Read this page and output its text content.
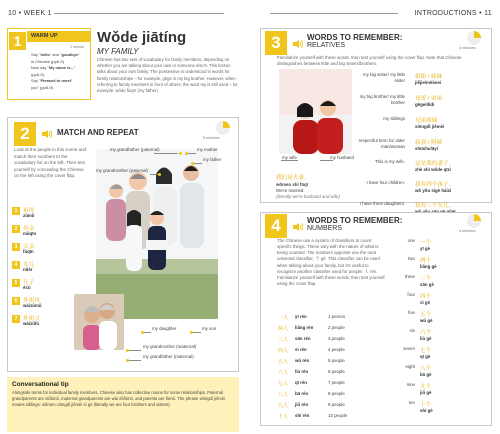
10 • WEEK 1	INTRODUCTIONS • 11
1	WARM UP
1 minute
Say "hello" and "goodbye"
in Chinese (pp8-9).
Now say "My name is..."
(pp8-9).
Say "Pleased to meet"
you" (pp8-9).
Wǒde jiātíng
MY FAMILY
Chinese has two sets of vocabulary for family members, depending on whether you are talking about your own or someone else's. This lesson talks about your own family. The possessive is understood in words for family relationships – for example, gēge is my big brother. However, when referring to family members in front of others, the word my is still used – for example: wǒde fùqīn (my father).
2	MATCH AND REPEAT
5 minutes
Look at the people in this scene and match their numbers to the vocabulary list on the left. Then test yourself by concealing the Chinese on the left using the cover flap.
1	祖母
zǔmǔ
2	母亲
mǔqīn
3	父亲
fùqīn
4	女儿
nǚér
5	儿子
érzi
6	外祖母
wàizǔmǔ
7	外祖父
wàizǔfù
my grandfather (paternal)	my mother
my grandmother (paternal)
my father
my daughter	my son
my grandmother (maternal)
my grandfather (maternal)
Conversational tip
Alongside terms for individual family members, Chinese also has collective nouns for some relationships. Paternal grandparents are zǔfùmǔ, maternal grandparents are wài zǔfùmǔ, and parents are fùmǔ. The phrase xiōngdì jiěmèi means siblings: wǒmen xiōngdì jiěmèi sì gè (literally we are four brothers and sisters).
3	WORDS TO REMEMBER:
RELATIVES	4 minutes
Familiarize yourself with these words, then test yourself using the cover flap. Note that Chinese distinguishes between little and big sisters/brothers.
my wife	my husband
我们是夫妻。
wǒmen shì fūqī
We're married.
(literally we're husband and wife)
my big sister/ my little sister
姐姐 / 妹妹
jiějie/mèimei
my big brother/ my little brother
哥哥 / 弟弟
gēge/dìdi
my siblings 兄弟姐妹
xiōngdì jiěmèi
respectful term for older man/woman
叔叔 / 阿姨
shūshu/āyí
This is my wife. 这是我的妻子。
zhè shì wǒde qīzi
I have four children. 我有四个孩子。
wǒ yǒu sìgè háizi
I have three daughters. 我有三个女儿。
4	WORDS TO REMEMBER:
NUMBERS	4 minutes
The Chinese use a system of classifiers to count specific things. These vary with the nature of what is being counted. The numbers opposite use the neat universal classifier, 个 gè. This classifier can be used when talking about your family, but it's useful to recognize another classifier used for people: 人 rén. Familiarize yourself with these words, then test yourself using the cover flap.
一人 yī rén	1 person
两人 liǎng rén	2 people
三人 sān rén	3 people
四人 sì rén	4 people
五人 wǔ rén	5 people
六人 liù rén	6 people
七人 qī rén	7 people
八人 bā rén	8 people
九人 jiǔ rén	9 people
十人 shí rén	10 people
one 一个
yī gè
two 两个
liǎng gè
three 三个
sān gè
four 四个
sì gè
five 五个
wǔ gè
six 六个
liù gè
seven 七个
qī gè
eight 八个
bā gè
nine 九个
jiǔ gè
ten 十个
shí gè
